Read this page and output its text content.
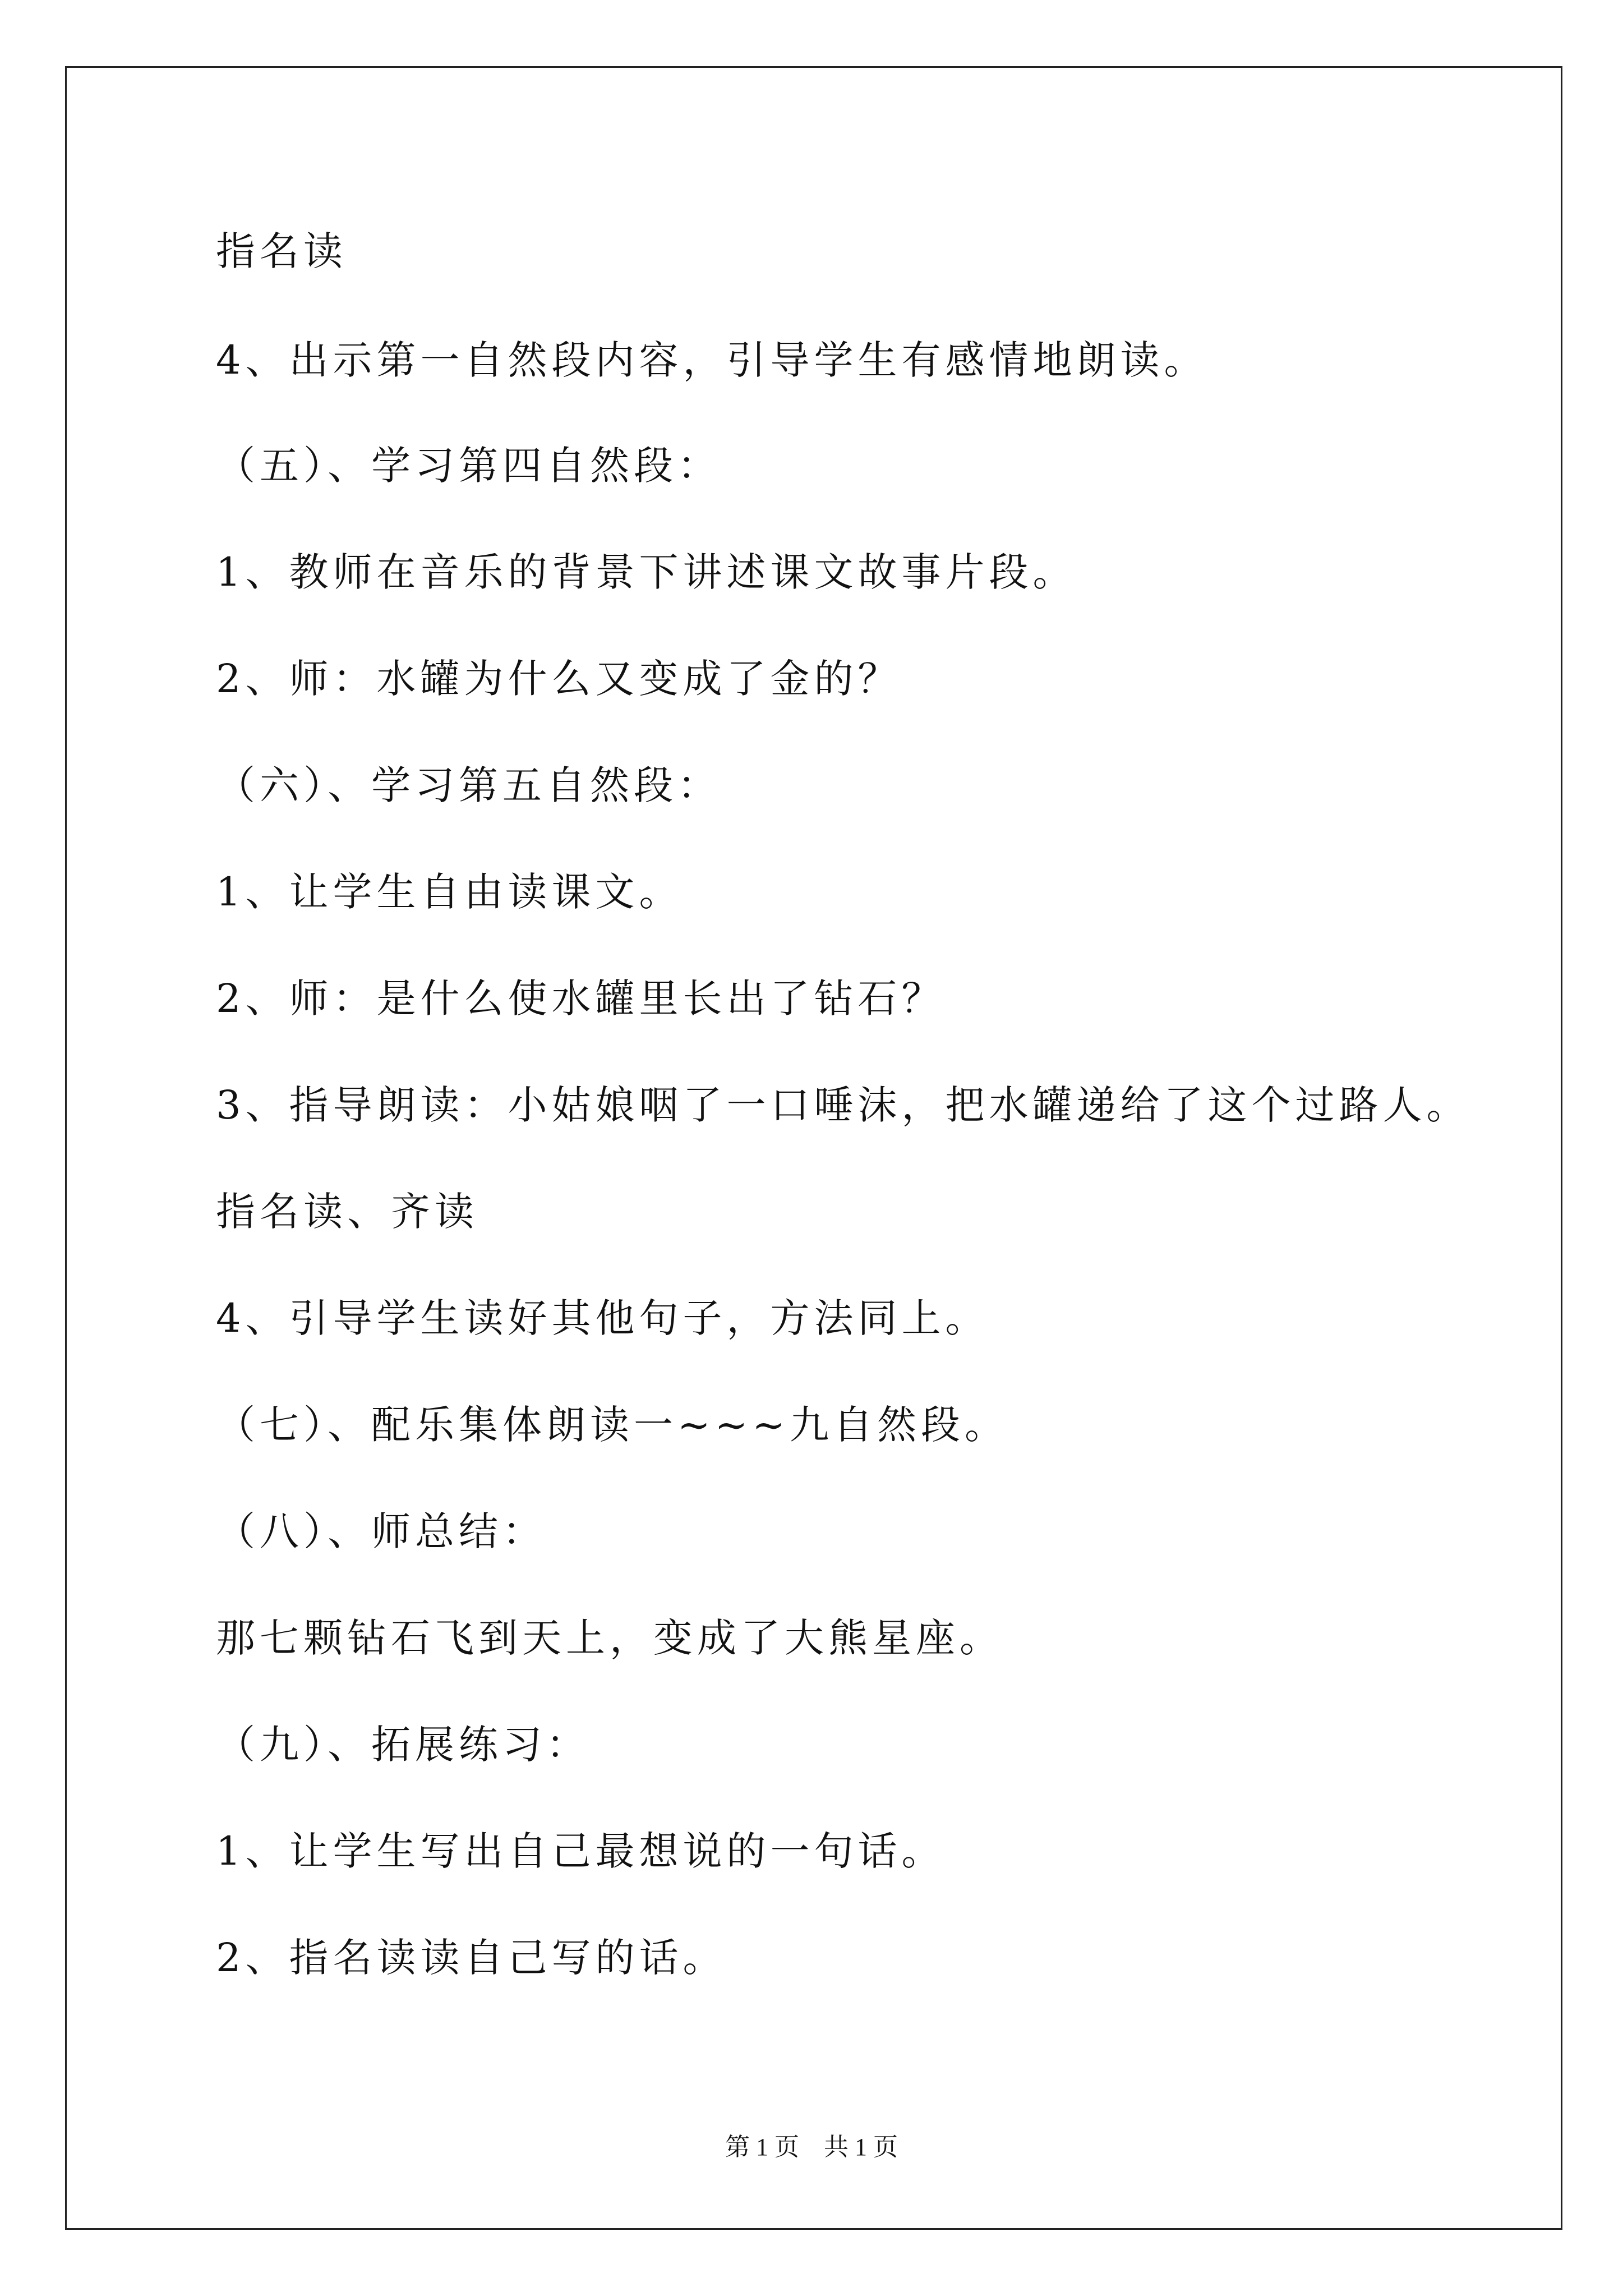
指名读
4、出示第一自然段内容，引导学生有感情地朗读。
（五）、学习第四自然段：
1、教师在音乐的背景下讲述课文故事片段。
2、师：水罐为什么又变成了金的？
（六）、学习第五自然段：
1、让学生自由读课文。
2、师：是什么使水罐里长出了钻石？
3、指导朗读：小姑娘咽了一口唾沫，把水罐递给了这个过路人。
指名读、齐读
4、引导学生读好其他句子，方法同上。
（七）、配乐集体朗读一~~~九自然段。
（八）、师总结：
那七颗钻石飞到天上，变成了大熊星座。
（九）、拓展练习：
1、让学生写出自己最想说的一句话。
2、指名读读自己写的话。
第 1 页　共 1 页
